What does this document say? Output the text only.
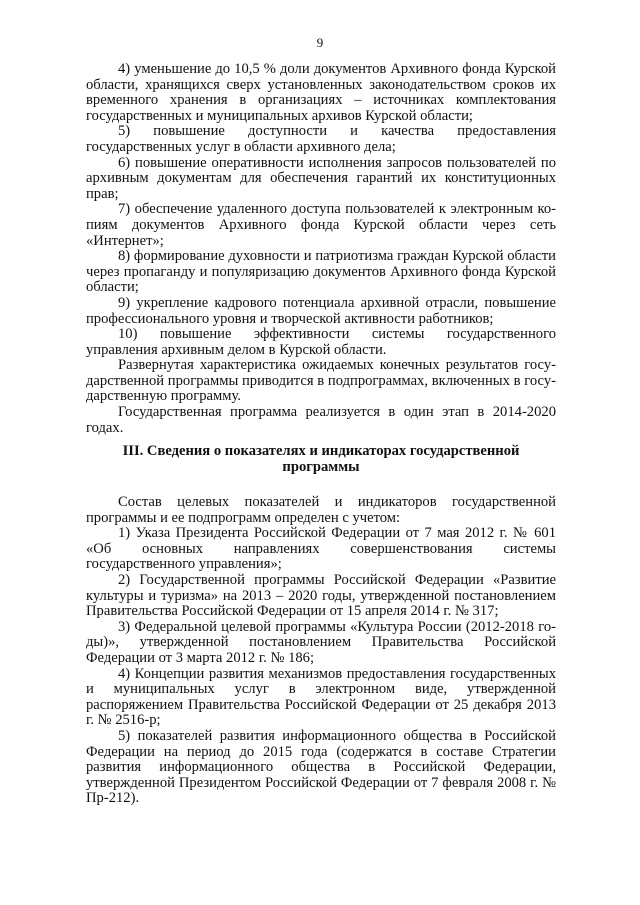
9

4) уменьшение до 10,5 % доли документов Архивного фонда Курской области, хранящихся сверх установленных законодательством сроков их временного хранения в организациях – источниках комплектования государственных и муниципальных архивов Курской области;

5) повышение доступности и качества предоставления государственных услуг в области архивного дела;

6) повышение оперативности исполнения запросов пользователей по архивным документам для обеспечения гарантий их конституционных прав;

7) обеспечение удаленного доступа пользователей к электронным копиям документов Архивного фонда Курской области через сеть «Интернет»;

8) формирование духовности и патриотизма граждан Курской области через пропаганду и популяризацию документов Архивного фонда Курской области;

9) укрепление кадрового потенциала архивной отрасли, повышение профессионального уровня и творческой активности работников;

10) повышение эффективности системы государственного управления архивным делом в Курской области.

Развернутая характеристика ожидаемых конечных результатов государственной программы приводится в подпрограммах, включенных в государственную программу.

Государственная программа реализуется в один этап в 2014-2020 годах.

III. Сведения о показателях и индикаторах государственной программы

Состав целевых показателей и индикаторов государственной программы и ее подпрограмм определен с учетом:

1) Указа Президента Российской Федерации от 7 мая 2012 г. № 601 «Об основных направлениях совершенствования системы государственного управления»;

2) Государственной программы Российской Федерации «Развитие культуры и туризма» на 2013 – 2020 годы, утвержденной постановлением Правительства Российской Федерации от 15 апреля 2014 г. № 317;

3) Федеральной целевой программы «Культура России (2012-2018 годы)», утвержденной постановлением Правительства Российской Федерации от 3 марта 2012 г. № 186;

4) Концепции развития механизмов предоставления государственных и муниципальных услуг в электронном виде, утвержденной распоряжением Правительства Российской Федерации от 25 декабря 2013 г. № 2516-р;

5) показателей развития информационного общества в Российской Федерации на период до 2015 года (содержатся в составе Стратегии развития информационного общества в Российской Федерации, утвержденной Президентом Российской Федерации от 7 февраля 2008 г. № Пр-212).
